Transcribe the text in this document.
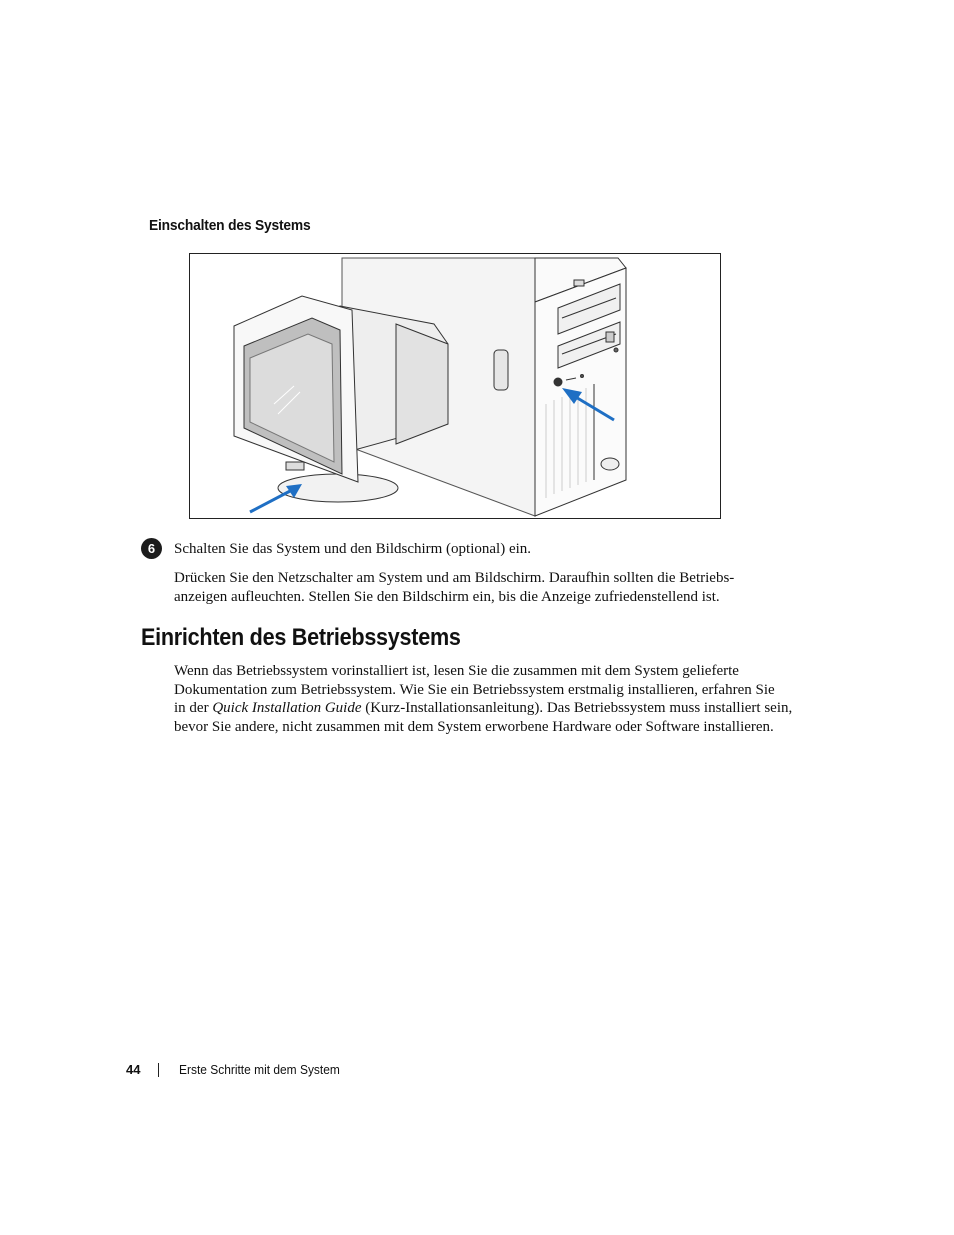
Einschalten des Systems
6	Schalten Sie das System und den Bildschirm (optional) ein.
Drücken Sie den Netzschalter am System und am Bildschirm. Daraufhin sollten die Betriebs-
anzeigen aufleuchten. Stellen Sie den Bildschirm ein, bis die Anzeige zufriedenstellend ist.
Einrichten des Betriebssystems
Wenn das Betriebssystem vorinstalliert ist, lesen Sie die zusammen mit dem System gelieferte
Dokumentation zum Betriebssystem. Wie Sie ein Betriebssystem erstmalig installieren, erfahren Sie
in der Quick Installation Guide (Kurz-Installationsanleitung). Das Betriebssystem muss installiert sein,
bevor Sie andere, nicht zusammen mit dem System erworbene Hardware oder Software installieren.
44	Erste Schritte mit dem System
